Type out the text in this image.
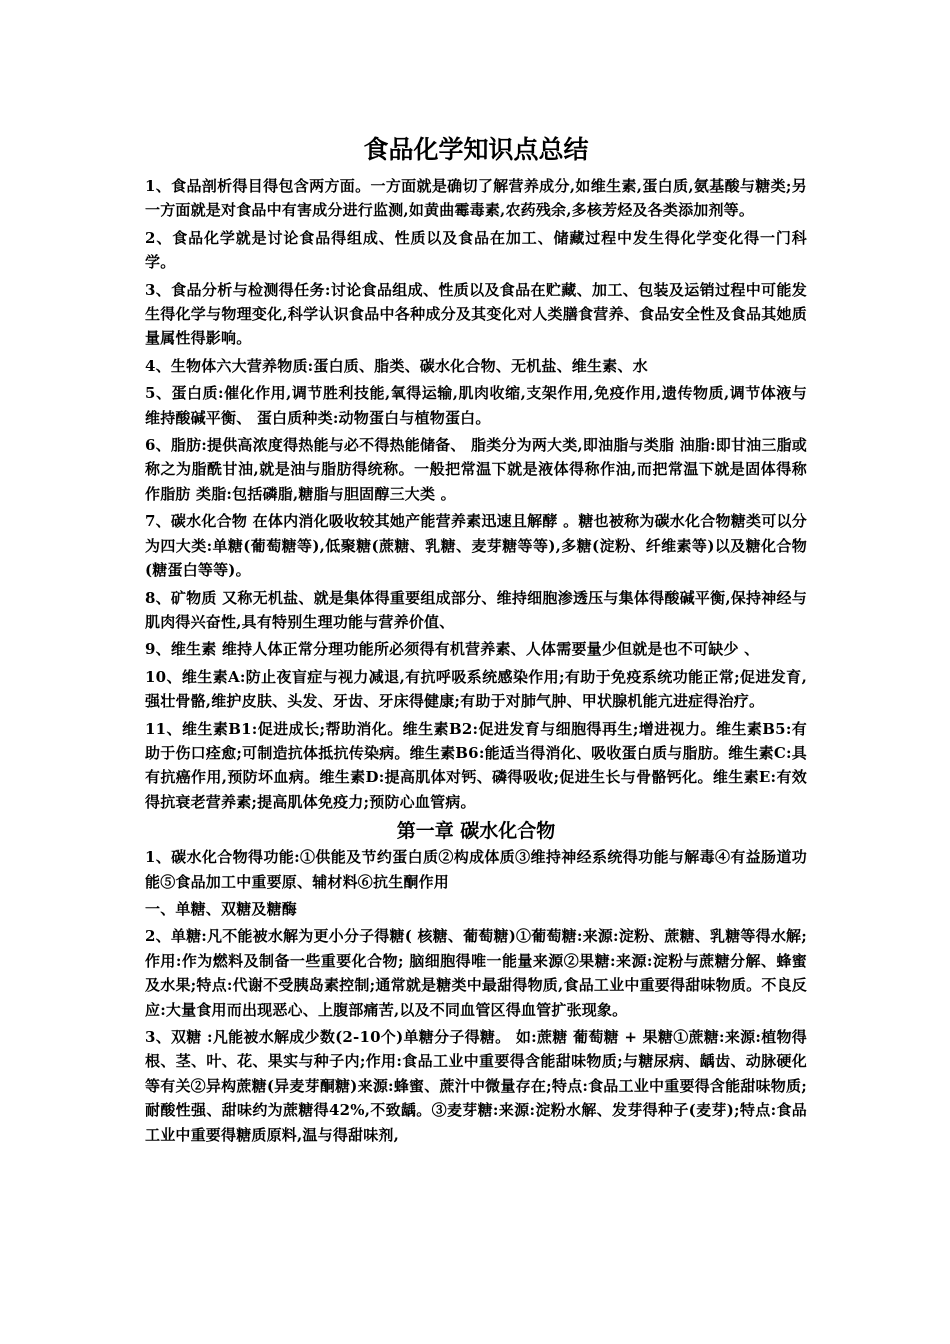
食品化学知识点总结

1、食品剖析得目得包含两方面。一方面就是确切了解营养成分,如维生素,蛋白质,氨基酸与糖类;另一方面就是对食品中有害成分进行监测,如黄曲霉毒素,农药残余,多核芳烃及各类添加剂等。

2、食品化学就是讨论食品得组成、性质以及食品在加工、储藏过程中发生得化学变化得一门科学。

3、食品分析与检测得任务:讨论食品组成、性质以及食品在贮藏、加工、包装及运销过程中可能发生得化学与物理变化,科学认识食品中各种成分及其变化对人类膳食营养、食品安全性及食品其她质量属性得影响。

4、生物体六大营养物质:蛋白质、脂类、碳水化合物、无机盐、维生素、水

5、蛋白质:催化作用,调节胜利技能,氧得运输,肌肉收缩,支架作用,免疫作用,遗传物质,调节体液与维持酸碱平衡、 蛋白质种类:动物蛋白与植物蛋白。

6、脂肪:提供高浓度得热能与必不得热能储备、 脂类分为两大类,即油脂与类脂 油脂:即甘油三脂或称之为脂酰甘油,就是油与脂肪得统称。一般把常温下就是液体得称作油,而把常温下就是固体得称作脂肪 类脂:包括磷脂,糖脂与胆固醇三大类 。

7、碳水化合物 在体内消化吸收较其她产能营养素迅速且解酵 。糖也被称为碳水化合物糖类可以分为四大类:单糖(葡萄糖等),低聚糖(蔗糖、乳糖、麦芽糖等等),多糖(淀粉、纤维素等)以及糖化合物(糖蛋白等等)。

8、矿物质 又称无机盐、就是集体得重要组成部分、维持细胞渗透压与集体得酸碱平衡,保持神经与肌肉得兴奋性,具有特别生理功能与营养价值、

9、维生素 维持人体正常分理功能所必须得有机营养素、人体需要量少但就是也不可缺少 、

10、维生素A:防止夜盲症与视力减退,有抗呼吸系统感染作用;有助于免疫系统功能正常;促进发育,强壮骨骼,维护皮肤、头发、牙齿、牙床得健康;有助于对肺气肿、甲状腺机能亢进症得治疗。

11、维生素B1:促进成长;帮助消化。维生素B2:促进发育与细胞得再生;增进视力。维生素B5:有助于伤口痊愈;可制造抗体抵抗传染病。维生素B6:能适当得消化、吸收蛋白质与脂肪。维生素C:具有抗癌作用,预防坏血病。维生素D:提高肌体对钙、磷得吸收;促进生长与骨骼钙化。维生素E:有效得抗衰老营养素;提高肌体免疫力;预防心血管病。

第一章 碳水化合物

1、碳水化合物得功能:①供能及节约蛋白质②构成体质③维持神经系统得功能与解毒④有益肠道功能⑤食品加工中重要原、辅材料⑥抗生酮作用

一、单糖、双糖及糖酶

2、单糖:凡不能被水解为更小分子得糖( 核糖、葡萄糖)①葡萄糖:来源:淀粉、蔗糖、乳糖等得水解;作用:作为燃料及制备一些重要化合物; 脑细胞得唯一能量来源②果糖:来源:淀粉与蔗糖分解、蜂蜜及水果;特点:代谢不受胰岛素控制;通常就是糖类中最甜得物质,食品工业中重要得甜味物质。不良反应:大量食用而出现恶心、上腹部痛苦,以及不同血管区得血管扩张现象。

3、双糖 :凡能被水解成少数(2-10个)单糖分子得糖。 如:蔗糖 葡萄糖 + 果糖①蔗糖:来源:植物得根、茎、叶、花、果实与种子内;作用:食品工业中重要得含能甜味物质;与糖尿病、龋齿、动脉硬化等有关②异构蔗糖(异麦芽酮糖)来源:蜂蜜、蔗汁中微量存在;特点:食品工业中重要得含能甜味物质;耐酸性强、甜味约为蔗糖得42%,不致龋。③麦芽糖:来源:淀粉水解、发芽得种子(麦芽);特点:食品工业中重要得糖质原料,温与得甜味剂,
